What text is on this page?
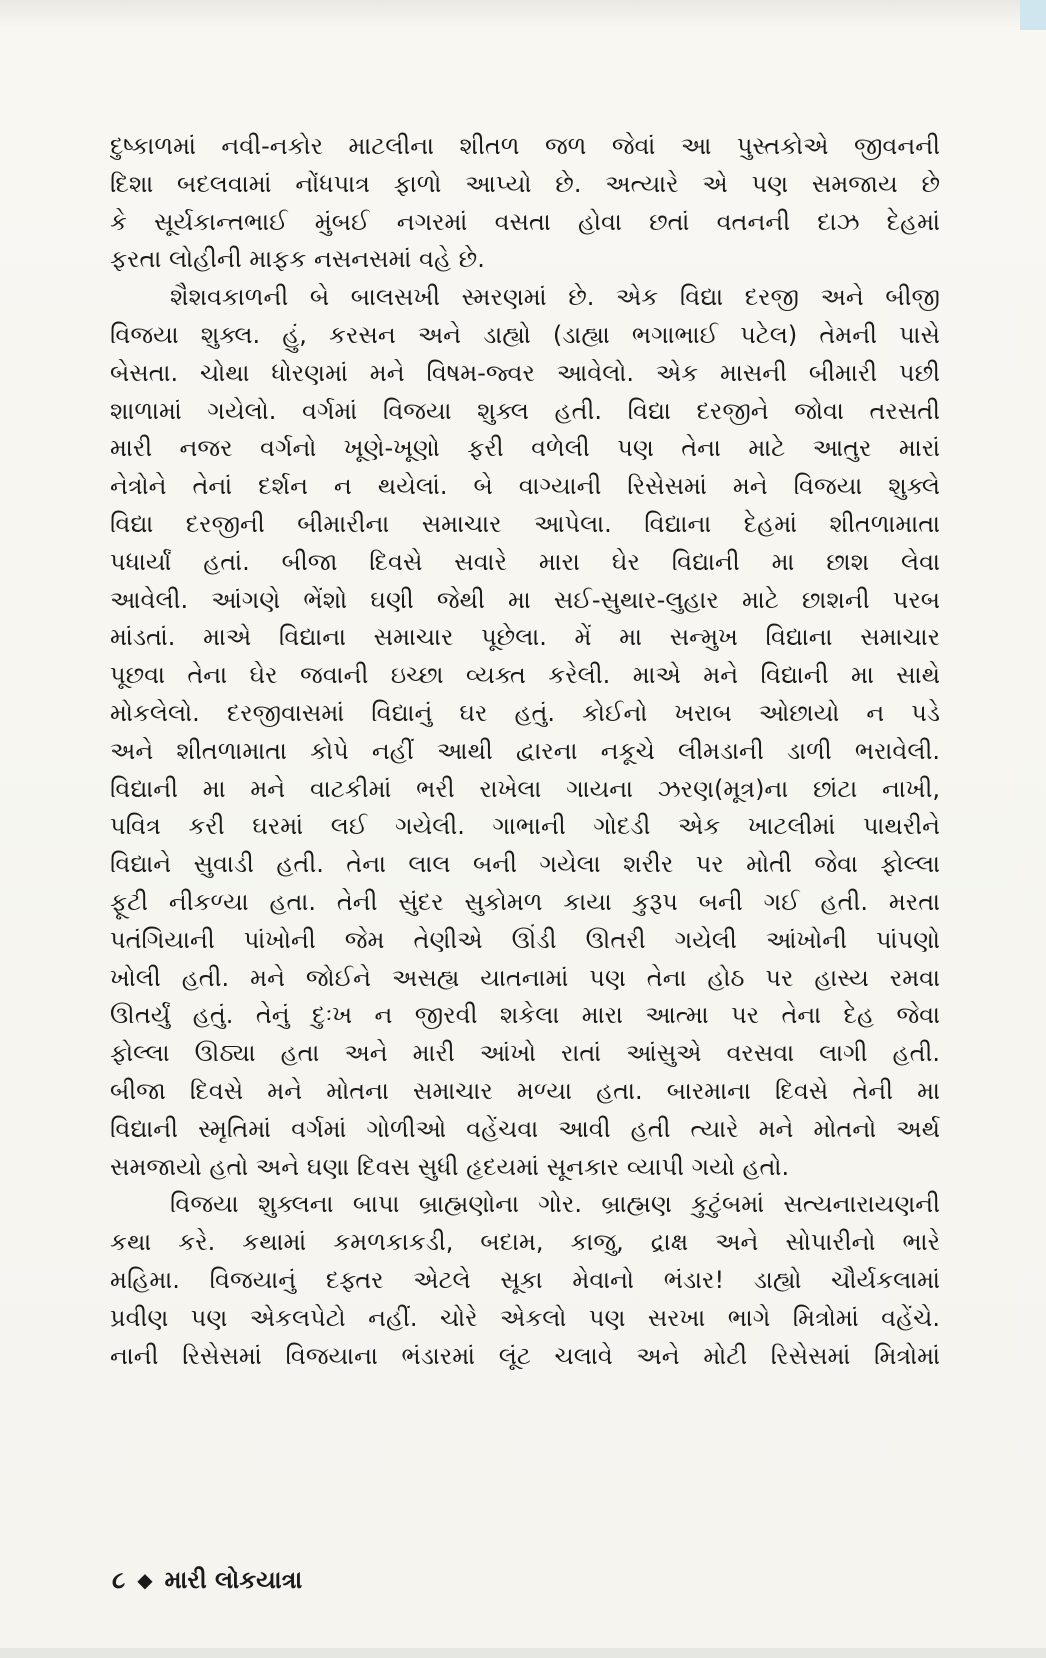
દુષ્કાળમાં નવી-નકોર માટલીના શીતળ જળ જેવાં આ પુસ્તકોએ જીવનની
દિશા બદલવામાં નોંધપાત્ર ફાળો આપ્યો છે. અત્યારે એ પણ સમજાય છે
કે સૂર્યકાન્તભાઈ મુંબઈ નગરમાં વસતા હોવા છતાં વતનની દાઝ દેહમાં
ફરતા લોહીની માફક નસનસમાં વહે છે.
શૈશવકાળની બે બાલસખી સ્મરણમાં છે. એક વિદ્યા દરજી અને બીજી
વિજયા શુક્લ. હું, કરસન અને ડાહ્યો (ડાહ્યા ભગાભાઈ પટેલ) તેમની પાસે
બેસતા. ચોથા ધોરણમાં મને વિષમ-જ્વર આવેલો. એક માસની બીમારી પછી
શાળામાં ગયેલો. વર્ગમાં વિજયા શુક્લ હતી. વિદ્યા દરજીને જોવા તરસતી
મારી નજર વર્ગનો ખૂણે-ખૂણો ફરી વળેલી પણ તેના માટે આતુર મારાં
નેત્રોને તેનાં દર્શન ન થયેલાં. બે વાગ્યાની રિસેસમાં મને વિજયા શુક્લે
વિદ્યા દરજીની બીમારીના સમાચાર આપેલા. વિદ્યાના દેહમાં શીતળામાતા
પધાર્યાં હતાં. બીજા દિવસે સવારે મારા ઘેર વિદ્યાની મા છાશ લેવા
આવેલી. આંગણે ભેંશો ઘણી જેથી મા સઈ-સુથાર-લુહાર માટે છાશની પરબ
માંડતાં. માએ વિદ્યાના સમાચાર પૂછેલા. મેં મા સન્મુખ વિદ્યાના સમાચાર
પૂછવા તેના ઘેર જવાની ઇચ્છા વ્યક્ત કરેલી. માએ મને વિદ્યાની મા સાથે
મોકલેલો. દરજીવાસમાં વિદ્યાનું ઘર હતું. કોઈનો ખરાબ ઓછાયો ન પડે
અને શીતળામાતા કોપે નહીં આથી દ્વારના નકૂચે લીમડાની ડાળી ભરાવેલી.
વિદ્યાની મા મને વાટકીમાં ભરી રાખેલા ગાયના ઝરણ(મૂત્ર)ના છાંટા નાખી,
પવિત્ર કરી ઘરમાં લઈ ગયેલી. ગાભાની ગોદડી એક ખાટલીમાં પાથરીને
વિદ્યાને સુવાડી હતી. તેના લાલ બની ગયેલા શરીર પર મોતી જેવા ફોલ્લા
ફૂટી નીકળ્યા હતા. તેની સુંદર સુકોમળ કાયા કુરૂપ બની ગઈ હતી. મરતા
પતંગિયાની પાંખોની જેમ તેણીએ ઊંડી ઊતરી ગયેલી આંખોની પાંપણો
ખોલી હતી. મને જોઈને અસહ્ય યાતનામાં પણ તેના હોઠ પર હાસ્ય રમવા
ઊતર્યું હતું. તેનું દુઃખ ન જીરવી શકેલા મારા આત્મા પર તેના દેહ જેવા
ફોલ્લા ઊઠ્યા હતા અને મારી આંખો રાતાં આંસુએ વરસવા લાગી હતી.
બીજા દિવસે મને મોતના સમાચાર મળ્યા હતા. બારમાના દિવસે તેની મા
વિદ્યાની સ્મૃતિમાં વર્ગમાં ગોળીઓ વહેંચવા આવી હતી ત્યારે મને મોતનો અર્થ
સમજાયો હતો અને ઘણા દિવસ સુધી હૃદયમાં સૂનકાર વ્યાપી ગયો હતો.
વિજયા શુક્લના બાપા બ્રાહ્મણોના ગોર. બ્રાહ્મણ કુટુંબમાં સત્યનારાયણની
કથા કરે. કથામાં કમળકાકડી, બદામ, કાજુ, દ્રાક્ષ અને સોપારીનો ભારે
મહિમા. વિજયાનું દફ્તર એટલે સૂકા મેવાનો ભંડાર! ડાહ્યો ચૌર્યકલામાં
પ્રવીણ પણ એકલપેટો નહીં. ચોરે એકલો પણ સરખા ભાગે મિત્રોમાં વહેંચે.
નાની રિસેસમાં વિજયાના ભંડારમાં લૂંટ ચલાવે અને મોટી રિસેસમાં મિત્રોમાં
૮ ◆ મારી લોકયાત્રા
